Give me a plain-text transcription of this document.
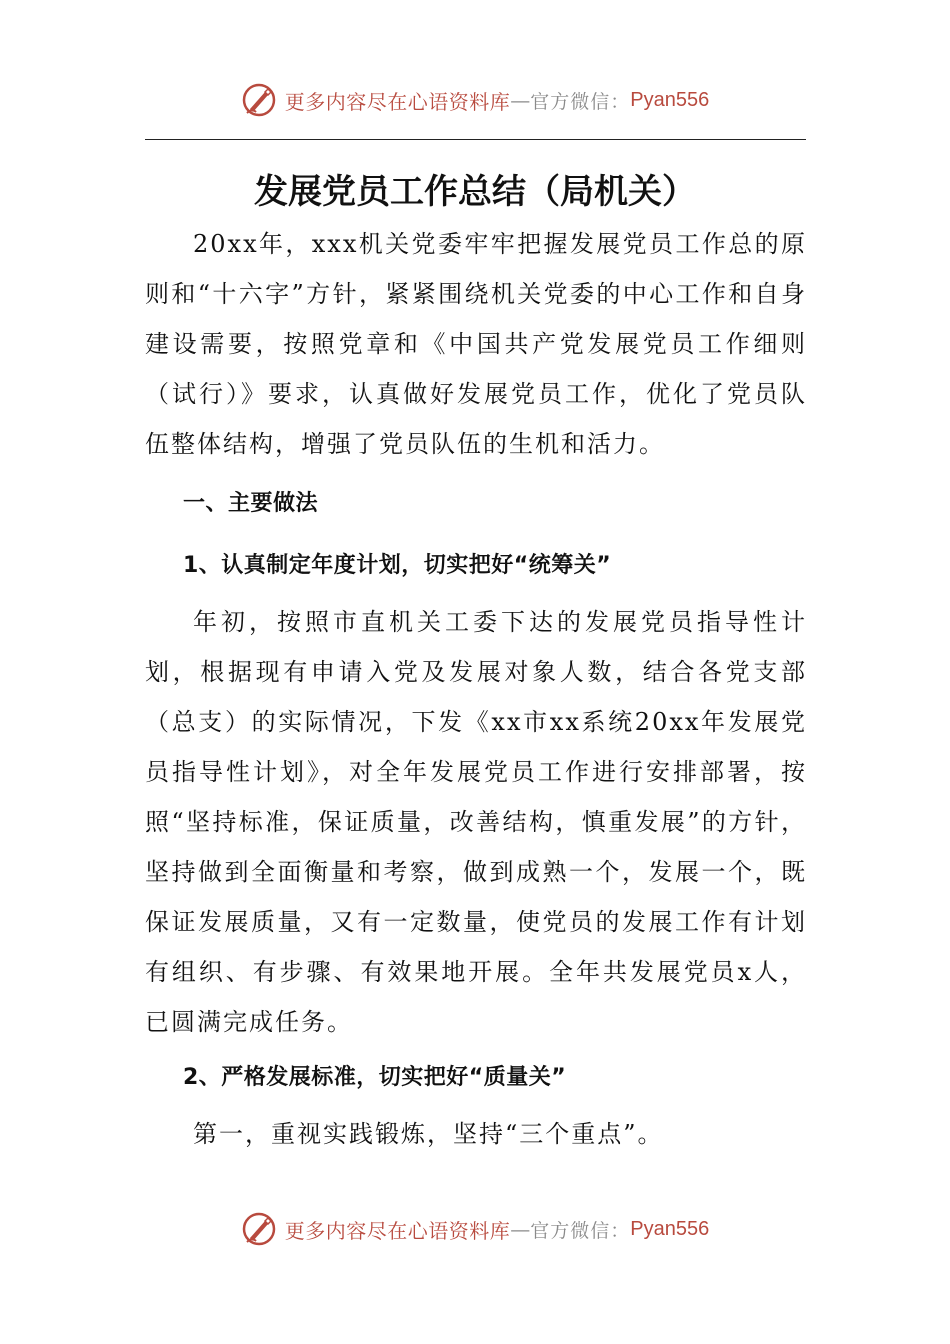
更多内容尽在心语资料库 — 官方微信： Pyan556
发展党员工作总结（局机关）

20xx年，xxx机关党委牢牢把握发展党员工作总的原则和“十六字”方针，紧紧围绕机关党委的中心工作和自身建设需要，按照党章和《中国共产党发展党员工作细则（试行）》要求，认真做好发展党员工作，优化了党员队伍整体结构，增强了党员队伍的生机和活力。

一、主要做法

1、认真制定年度计划，切实把好“统筹关”

年初，按照市直机关工委下达的发展党员指导性计划，根据现有申请入党及发展对象人数，结合各党支部（总支）的实际情况，下发《xx市xx系统20xx年发展党员指导性计划》，对全年发展党员工作进行安排部署，按照“坚持标准，保证质量，改善结构，慎重发展”的方针，坚持做到全面衡量和考察，做到成熟一个，发展一个，既保证发展质量，又有一定数量，使党员的发展工作有计划有组织、有步骤、有效果地开展。全年共发展党员x人，已圆满完成任务。

2、严格发展标准，切实把好“质量关”

第一，重视实践锻炼，坚持“三个重点”。

更多内容尽在心语资料库 — 官方微信： Pyan556
